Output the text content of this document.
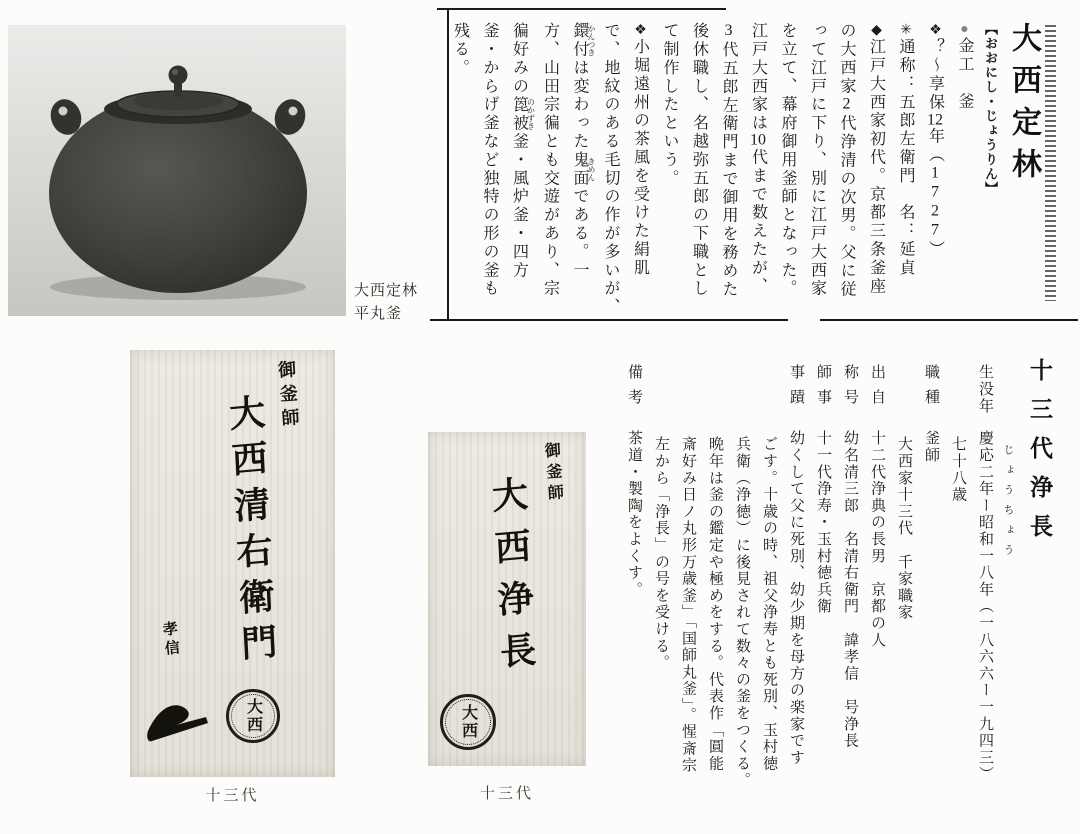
大西定林
平丸釜
大西定林
【おおにし・じょうりん】
●金工　釜
❖？〜享保12年（1727）
✳通称：五郎左衛門　名：延貞
◆江戸大西家初代。京都三条釜座
の大西家2代浄清の次男。父に従
って江戸に下り、別に江戸大西家
を立て、幕府御用釜師となった。
江戸大西家は10代まで数えたが、
3代五郎左衛門まで御用を務めた
後休職し、名越弥五郎の下職とし
て制作したという。
❖小堀遠州の茶風を受けた絹肌
で、地紋のある毛切の作が多いが、
鐶付 かんつきは変わった鬼面 きめんである。一
方、山田宗徧とも交遊があり、宗
徧好みの箆被 のかずき釜・風炉釜・四方
釜・からげ釜など独特の形の釜も
残る。
十三代浄長
じょうちょう
生没年慶応二年ー昭和一八年（一八六六ー一九四三）
七十八歳
職種釜師
大西家十三代　千家職家
出自十二代浄典の長男　京都の人
称号幼名清三郎　名清右衛門　諱孝信　号浄長
師事十一代浄寿・玉村徳兵衛
事蹟幼くして父に死別、幼少期を母方の楽家です
ごす。十歳の時、祖父浄寿とも死別、玉村徳
兵衛（浄徳）に後見されて数々の釜をつくる。
晩年は釜の鑑定や極めをする。代表作「圓能
斎好み日ノ丸形万歳釜」「国師丸釜」。惺斎宗
左から「浄長」の号を受ける。
備考茶道・製陶をよくす。
御釜師
大西清右衛門
孝信
大西
十三代
御釜師
大西浄長
大西
十三代
